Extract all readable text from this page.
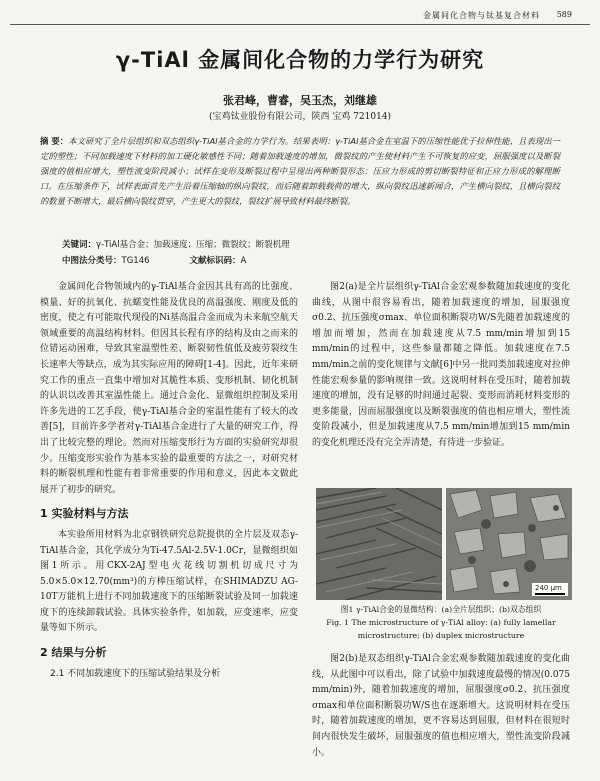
金属间化合物与钛基复合材料 589
γ-TiAl 金属间化合物的力学行为研究
张君峰，曹睿，吴玉杰，刘继雄
(宝鸡钛业股份有限公司，陕西 宝鸡 721014)
摘 要：本文研究了全片层组织和双态组织γ-TiAl基合金的力学行为。结果表明：γ-TiAl基合金在室温下的压缩性能优于拉伸性能，且表现出一定的塑性；不同加载速度下材料的加工硬化敏感性不同；随着加载速度的增加，微裂纹的产生使材料产生不可恢复的应变，屈服强度以及断裂强度的值相应增大，塑性流变阶段减小；试样在变形及断裂过程中呈现出两种断裂形态：压应力形成的剪切断裂特征和正应力形成的解理断口。在压缩条件下，试样表面首先产生沿着压缩轴的纵向裂纹，而后随着卸载载荷的增大，纵向裂纹迅速新闻合，产生横向裂纹，且横向裂纹的数量不断增大，最后横向裂纹贯穿，产生更大的裂纹，裂纹扩展导致材料最终断裂。
关键词：γ-TiAl基合金；加载速度；压缩；微裂纹；断裂机理
中图法分类号：TG146	文献标识码：A

金属间化合物领域内的γ-TiAl基合金因其具有高的比强度、模量、好的抗氧化、抗蠕变性能及优良的高温强度、刚度及低的密度，使之有可能取代现役的Ni基高温合金而成为未来航空航天领域重要的高温结构材料。但因其长程有序的结构及由之而来的位错运动困难，导致其室温塑性差、断裂韧性值低及疲劳裂纹生长速率大等缺点，成为其实际应用的障碍[1-4]。因此，近年来研究工作的重点一直集中增加对其脆性本质、变形机制、韧化机制的认识以改善其室温性能上。通过合金化、显微组织控制及采用许多先进的工艺手段，使γ-TiAl基合金的室温性能有了较大的改善[5]，目前许多学者对γ-TiAl基合金进行了大量的研究工作，得出了比较完整的理论。然而对压缩变形行为方面的实验研究却很少。压缩变形实验作为基本实验的最重要的方法之一，对研究材料的断裂机理和性能有着非常重要的作用和意义，因此本文做此展开了初步的研究。

1 实验材料与方法

本实验所用材料为北京钢铁研究总院提供的全片层及双态γ-TiAl基合金，其化学成分为Ti-47.5Al-2.5V-1.0Cr，显微组织如图1所示。用CKX-2AJ型电火花线切割机切成尺寸为5.0×5.0×12.70(mm³)的方棒压缩试样，在SHIMADZU AG-10T万能机上进行不同加载速度下的压缩断裂试验及同一加载速度下的连续卸载试验。具体实验条件，如加载，应变速率，应变量等如下所示。

2 结果与分析
2.1 不同加载速度下的压缩试验结果及分析

图2(a)是全片层组织γ-TiAl合金宏观参数随加载速度的变化曲线，从图中很容易看出，随着加载速度的增加，屈服强度σ0.2、抗压强度σmax、单位面积断裂功W/S先随着加载速度的增加而增加，然而在加载速度从7.5 mm/min增加到15 mm/min的过程中，这些参量都随之降低。加载速度在7.5 mm/min之前的变化规律与文献[6]中另一批同类加载速度对拉伸性能宏观参量的影响规律一致。这说明材料在受压时，随着加载速度的增加，没有足够的时间通过起裂、变形而消耗材料变形的更多能量，因而屈服强度以及断裂强度的值也相应增大，塑性流变阶段减小，但是加载速度从7.5 mm/min增加到15 mm/min的变化机理还没有完全弄清楚，有待进一步验证。

240 μm
图1 γ-TiAl合金的显微结构：(a)全片层组织；(b)双态组织
Fig. 1 The microstructure of γ-TiAl alloy: (a) fully lamellar
microstructure; (b) duplex microstructure

图2(b)是双态组织γ-TiAl合金宏观参数随加载速度的变化曲线，从此图中可以看出，除了试验中加载速度最慢的情况(0.075 mm/min)外，随着加载速度的增加，屈服强度σ0.2、抗压强度σmax和单位面积断裂功W/S也在逐渐增大。这说明材料在受压时，随着加载速度的增加，更不容易达到屈服，但材料在很短时间内很快发生破坏，屈服强度的值也相应增大，塑性流变阶段减小。
